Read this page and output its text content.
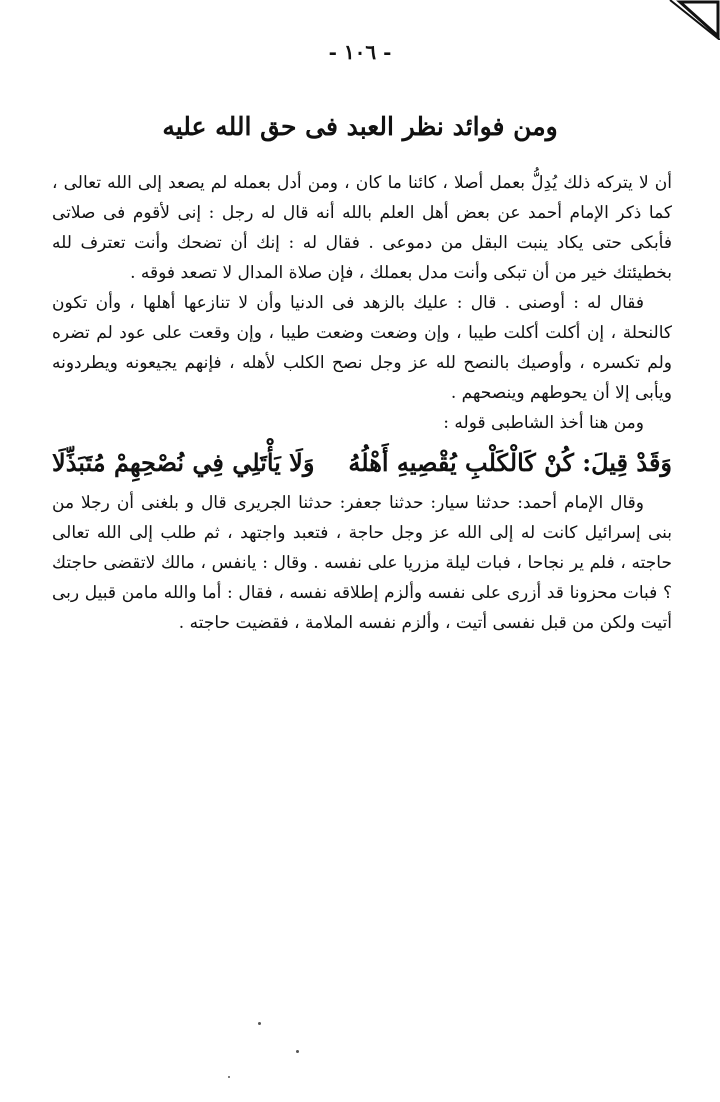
- ١٠٦ -
ومن فوائد نظر العبد فى حق الله عليه

أن لا يتركه ذلك يُدِلُّ بعمل أصلا ، كائنا ما كان ، ومن أدل بعمله لم يصعد إلى الله تعالى ، كما ذكر الإمام أحمد عن بعض أهل العلم بالله أنه قال له رجل : إنى لأقوم فى صلاتى فأبكى حتى يكاد ينبت البقل من دموعى . فقال له : إنك أن تضحك وأنت تعترف لله بخطيئتك خير من أن تبكى وأنت مدل بعملك ، فإن صلاة المدال لا تصعد فوقه .

فقال له : أوصنى . قال : عليك بالزهد فى الدنيا وأن لا تنازعها أهلها ، وأن تكون كالنحلة ، إن أكلت أكلت طيبا ، وإن وضعت وضعت طيبا ، وإن وقعت على عود لم تضره ولم تكسره ، وأوصيك بالنصح لله عز وجل نصح الكلب لأهله ، فإنهم يجيعونه ويطردونه ويأبى إلا أن يحوطهم وينصحهم .

ومن هنا أخذ الشاطبى قوله :

وَقَدْ قِيلَ: كُنْ كَالْكَلْبِ يُقْصِيهِ أَهْلُهُ
وَلَا يَأْتَلِي فِي نُصْحِهِمْ مُتَبَذِّلَا

وقال الإمام أحمد: حدثنا سيار: حدثنا جعفر: حدثنا الجريرى قال و بلغنى أن رجلا من بنى إسرائيل كانت له إلى الله عز وجل حاجة ، فتعبد واجتهد ، ثم طلب إلى الله تعالى حاجته ، فلم ير نجاحا ، فبات ليلة مزريا على نفسه . وقال : يانفس ، مالك لاتقضى حاجتك ؟ فبات محزونا قد أزرى على نفسه وألزم إطلاقه نفسه ، فقال : أما والله مامن قبيل ربى أتيت ولكن من قبل نفسى أتيت ، وألزم نفسه الملامة ، فقضيت حاجته .
